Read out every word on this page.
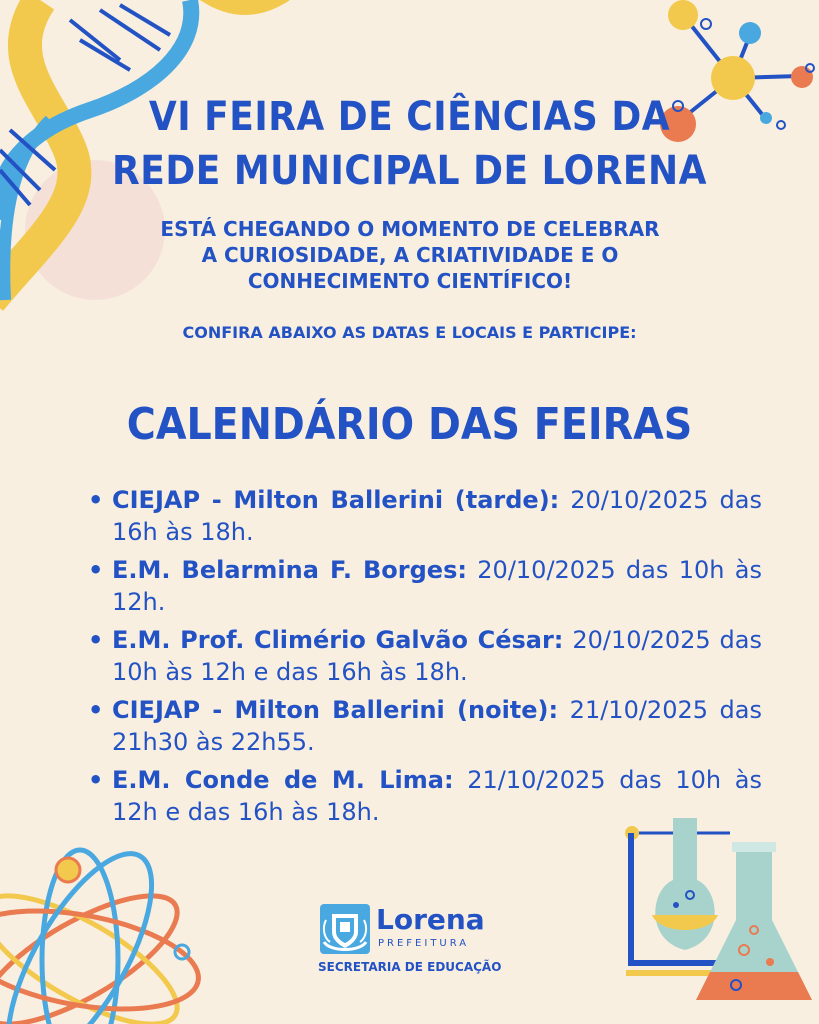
VI FEIRA DE CIÊNCIAS DA
REDE MUNICIPAL DE LORENA

ESTÁ CHEGANDO O MOMENTO DE CELEBRAR
A CURIOSIDADE, A CRIATIVIDADE E O
CONHECIMENTO CIENTÍFICO!

CONFIRA ABAIXO AS DATAS E LOCAIS E PARTICIPE:

CALENDÁRIO DAS FEIRAS
• CIEJAP - Milton Ballerini (tarde): 20/10/2025 das 16h às 18h.
• E.M. Belarmina F. Borges: 20/10/2025 das 10h às 12h.
• E.M. Prof. Climério Galvão César: 20/10/2025 das 10h às 12h e das 16h às 18h.
• CIEJAP - Milton Ballerini (noite): 21/10/2025 das 21h30 às 22h55.
• E.M. Conde de M. Lima: 21/10/2025 das 10h às 12h e das 16h às 18h.
Lorena
PREFEITURA
SECRETARIA DE EDUCAÇÃO
